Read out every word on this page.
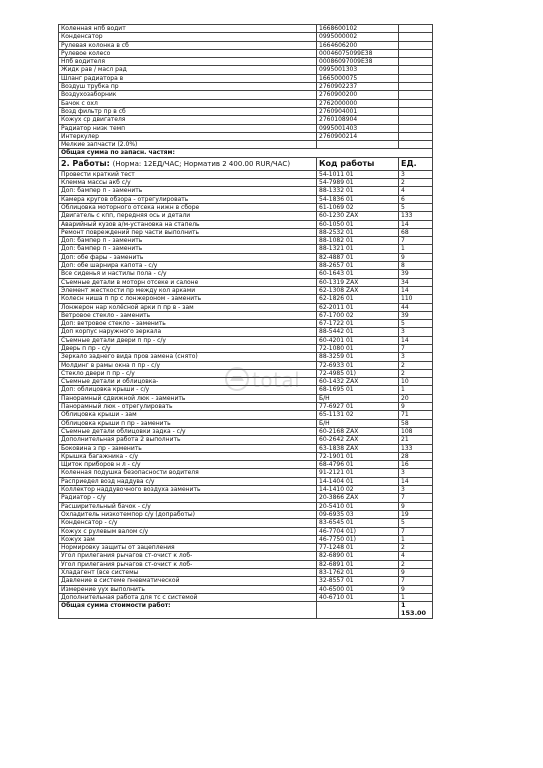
Коленная нпб водит	1668600102	
Конденсатор	0995000002	
Рулевая колонка в сб	1664606200	
Рулевое колесо	00046075099E38	
Нпб водителя	00086097009E38	
Жидк рав / масл рад	0995001303	
Шланг радиатора в	1665000075	
Воздуш трубка пр	2760902237	
Воздухозаборник	2760900200	
Бачок с охл	2762000000	
Возд фильтр пр в сб	2760904001	
Кожух ср двигателя	2760108904	
Радиатор низк темп	0995001403	
Интеркулер	2760900214	
Мелкие запчасти (2.0%)		
Общая сумма по запасн. частям:		
2. Работы: (Норма: 12ЕД/ЧАС; Норматив 2 400.00 RUR/ЧАС)	Код работы	ЕД.
Провести краткий тест	54-1011 01	3
Клемма массы акб с/у	54-7989 01	2
Доп: бампер п - заменить	88-1332 01	4
Камера кругов обзора - отрегулировать	54-1836 01	6
Облицовка моторного отсека нижн в сборе	61-1069 02	5
Двигатель с кпп, передняя ось и детали	60-1230 ZAX	133
Аварийный кузов а/м-установка на стапель	60-1050 01	14
Ремонт повреждений пер части выполнить	88-2532 01	68
Доп: бампер п - заменить	88-1082 01	7
Доп: бампер п - заменить	88-1321 01	1
Доп: обе фары - заменить	82-4887 01	9
Доп: обе шарнира капота - с/у	88-2657 01	8
Все сиденья и настилы пола - с/у	60-1643 01	39
Съемные детали в моторн отсеке и салоне	60-1319 ZAX	34
Элемент жесткости пр между кол арками	62-1308 ZAX	14
Колесн ниша п пр с лонжероном - заменить	62-1826 01	110
Лонжерон нар колёсной арки п пр в - зам	62-2011 01	44
Ветровое стекло - заменить	67-1700 02	39
Доп: ветровое стекло - заменить	67-1722 01	5
Доп корпус наружного зеркала	88-5442 01	3
Съемные детали двери п пр - с/у	60-4201 01	14
Дверь п пр - с/у	72-1080 01	7
Зеркало заднего вида пров замена (снято)	88-3259 01	3
Молдинг в рамы окна п пр - с/у	72-6933 01	2
Стекло двери п пр - с/у	72-4985 01)	2
Съемные детали и облицовка-	60-1432 ZAX	10
Доп: облицовка крыши - с/у	68-1695 01	1
Панорамный сдвижной люк - заменить	Б/Н	20
Панорамный люк - отрегулировать	77-6927 01	9
Облицовка крыши - зам	65-1131 02	71
Облицовка крыши п пр - заменить	Б/Н	58
Съемные детали облицовки задка - с/у	60-2168 ZAX	108
Дополнительная работа 2 выполнить	60-2642 ZAX	21
Боковина з пр - заменить	63-1838 ZAX	133
Крышка багажника - с/у	72-1901 01	28
Щиток приборов н л - с/у	68-4796 01	16
Коленная подушка безопасности водителя	91-2121 01	3
Расприедел возд наддува с/у	14-1404 01	14
Коллектор наддувочного воздуха заменить	14-1410 02	3
Радиатор - с/у	20-3866 ZAX	7
Расширительный бачок - с/у	20-5410 01	9
Охладитель низкотемпор с/у (допработы)	09-6935 03	19
Конденсатор - с/у	83-6545 01	5
Кожух с рулевым валом с/у	46-7704 01)	7
Кожух зам	46-7750 01)	1
Нормировку защиты от зацепления	77-1248 01	2
Угол прилегания рычагов ст-очист к лоб-	82-6890 01	4
Угол прилегания рычагов ст-очист к лоб-	82-6891 01	2
Хладагент (все системы	83-1762 01	9
Давление в системе пневматической	32-8557 01	7
Измерение уух выполнить	40-6500 01	9
Дополнительная работа для тс с системой	40-6710 01	1
Общая сумма стоимости работ:		1
153.00
total
